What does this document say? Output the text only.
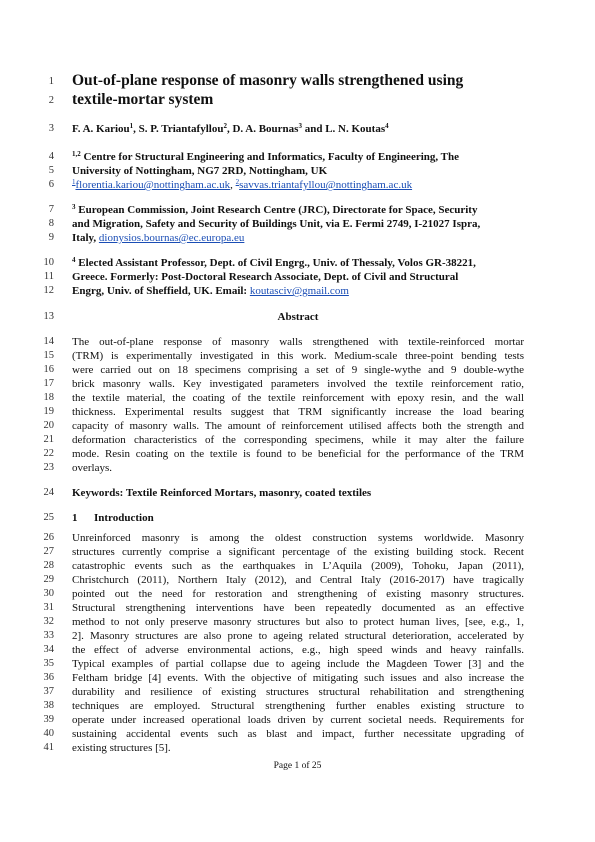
1 Out-of-plane response of masonry walls strengthened using
2 textile-mortar system
3 F. A. Kariou$^1$, S. P. Triantafyllou$^2$, D. A. Bournas$^3$ and L. N. Koutas$^4$
4	$^{1,2}$ Centre for Structural Engineering and Informatics, Faculty of Engineering, The
5 University of Nottingham, NG7 2RD, Nottingham, UK
6	$^1$florentia.kariou@nottingham.ac.uk, $^2$savvas.triantafyllou@nottingham.ac.uk
7	$^3$ European Commission, Joint Research Centre (JRC), Directorate for Space, Security
8 and Migration, Safety and Security of Buildings Unit, via E. Fermi 2749, I-21027 Ispra,
9 Italy, dionysios.bournas@ec.europa.eu
10	$^4$ Elected Assistant Professor, Dept. of Civil Engrg., Univ. of Thessaly, Volos GR-38221,
11 Greece. Formerly: Post-Doctoral Research Associate, Dept. of Civil and Structural
12 Engrg, Univ. of Sheffield, UK. Email: koutasciv@gmail.com
13	Abstract
14 The out-of-plane response of masonry walls strengthened with textile-reinforced mortar
15 (TRM) is experimentally investigated in this work. Medium-scale three-point bending tests
16 were carried out on 18 specimens comprising a set of 9 single-wythe and 9 double-wythe
17 brick masonry walls. Key investigated parameters involved the textile reinforcement ratio,
18 the textile material, the coating of the textile reinforcement with epoxy resin, and the wall
19 thickness. Experimental results suggest that TRM significantly increase the load bearing
20 capacity of masonry walls. The amount of reinforcement utilised affects both the strength and
21 deformation characteristics of the corresponding specimens, while it may alter the failure
22 mode. Resin coating on the textile is found to be beneficial for the performance of the TRM
23 overlays.
24 Keywords: Textile Reinforced Mortars, masonry, coated textiles
25 1 Introduction
26 Unreinforced masonry is among the oldest construction systems worldwide. Masonry
27 structures currently comprise a significant percentage of the existing building stock. Recent
28 catastrophic events such as the earthquakes in L’Aquila (2009), Tohoku, Japan (2011),
29 Christchurch (2011), Northern Italy (2012), and Central Italy (2016-2017) have tragically
30 pointed out the need for restoration and strengthening of existing masonry structures.
31 Structural strengthening interventions have been repeatedly documented as an effective
32 method to not only preserve masonry structures but also to protect human lives, [see, e.g., 1,
33 2]. Masonry structures are also prone to ageing related structural deterioration, accelerated by
34 the effect of adverse environmental actions, e.g., high speed winds and heavy rainfalls.
35 Typical examples of partial collapse due to ageing include the Magdeen Tower [3] and the
36 Feltham bridge [4] events. With the objective of mitigating such issues and also increase the
37 durability and resilience of existing structures structural rehabilitation and strengthening
38 techniques are employed. Structural strengthening further enables existing structure to
39 operate under increased operational loads driven by current societal needs. Requirements for
40 sustaining accidental events such as blast and impact, further necessitate upgrading of
41 existing structures [5].
Page 1 of 25
